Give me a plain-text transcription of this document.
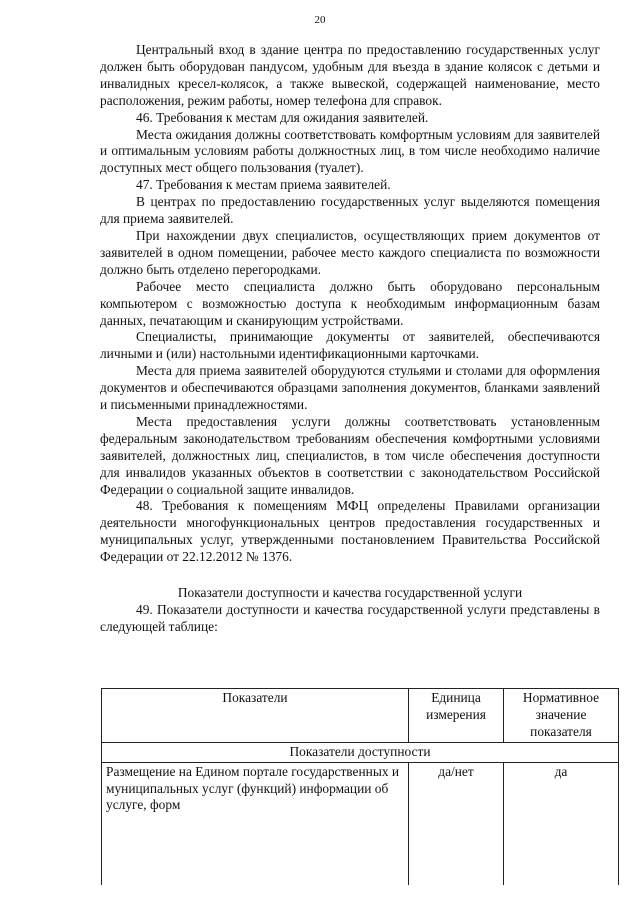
20

Центральный вход в здание центра по предоставлению государственных услуг должен быть оборудован пандусом, удобным для въезда в здание колясок с детьми и инвалидных кресел-колясок, а также вывеской, содержащей наименование, место расположения, режим работы, номер телефона для справок.

46. Требования к местам для ожидания заявителей.

Места ожидания должны соответствовать комфортным условиям для заявителей и оптимальным условиям работы должностных лиц, в том числе необходимо наличие доступных мест общего пользования (туалет).

47. Требования к местам приема заявителей.

В центрах по предоставлению государственных услуг выделяются помещения для приема заявителей.

При нахождении двух специалистов, осуществляющих прием документов от заявителей в одном помещении, рабочее место каждого специалиста по возможности должно быть отделено перегородками.

Рабочее место специалиста должно быть оборудовано персональным компьютером с возможностью доступа к необходимым информационным базам данных, печатающим и сканирующим устройствами.

Специалисты, принимающие документы от заявителей, обеспечиваются личными и (или) настольными идентификационными карточками.

Места для приема заявителей оборудуются стульями и столами для оформления документов и обеспечиваются образцами заполнения документов, бланками заявлений и письменными принадлежностями.

Места предоставления услуги должны соответствовать установленным федеральным законодательством требованиям обеспечения комфортными условиями заявителей, должностных лиц, специалистов, в том числе обеспечения доступности для инвалидов указанных объектов в соответствии с законодательством Российской Федерации о социальной защите инвалидов.

48. Требования к помещениям МФЦ определены Правилами организации деятельности многофункциональных центров предоставления государственных и муниципальных услуг, утвержденными постановлением Правительства Российской Федерации от 22.12.2012 № 1376.

Показатели доступности и качества государственной услуги

49. Показатели доступности и качества государственной услуги представлены в следующей таблице:

Показатели	Единица измерения	Нормативное значение показателя
Показатели доступности		
Размещение на Едином портале государственных и муниципальных услуг (функций) информации об услуге, форм	да/нет	да
